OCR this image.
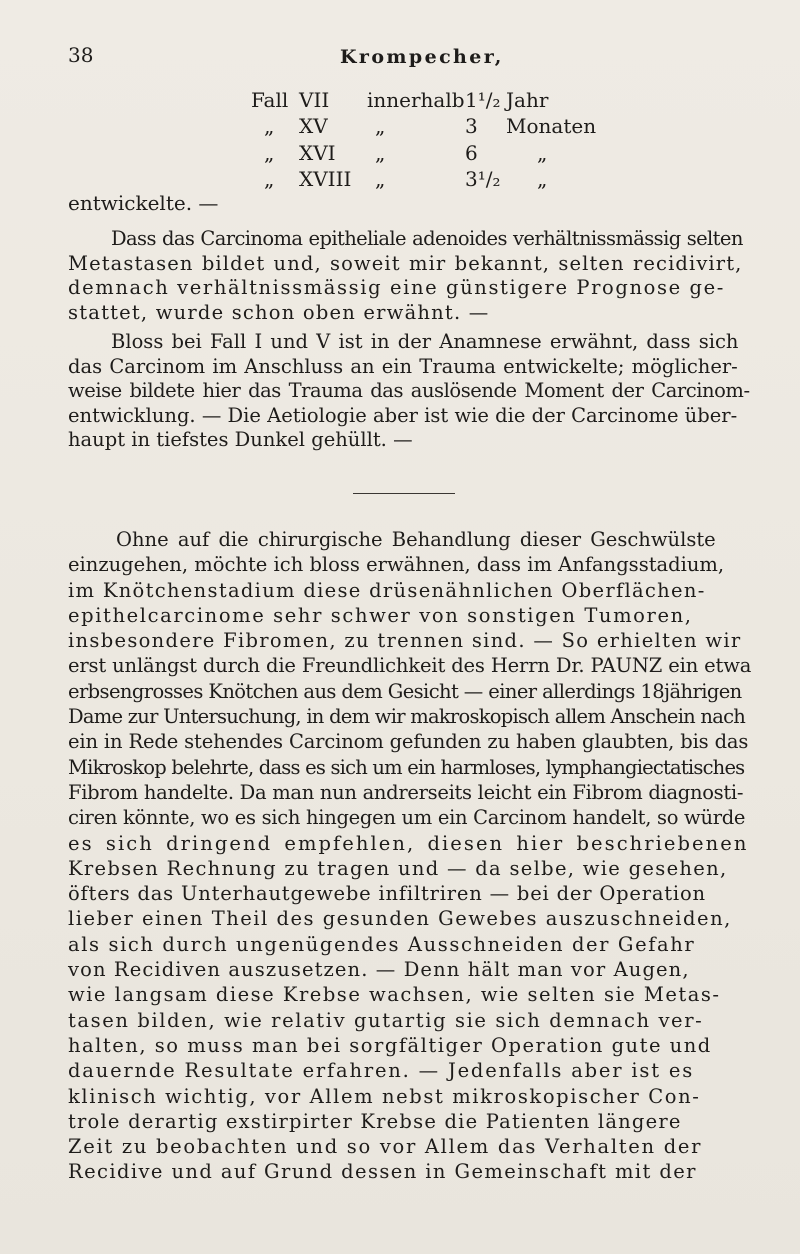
38	Krompecher,
Fall VII innerhalb 1¹/₂ Jahr
„ XV „	3 Monaten
„ XVI „	6	„
„ XVIII „	3¹/₂ „
entwickelte. —
Dass das Carcinoma epitheliale adenoides verhältnissmässig selten
Metastasen bildet und, soweit mir bekannt, selten recidivirt,
demnach verhältnissmässig eine günstigere Prognose ge-
stattet, wurde schon oben erwähnt. —
Bloss bei Fall I und V ist in der Anamnese erwähnt, dass sich
das Carcinom im Anschluss an ein Trauma entwickelte; möglicher-
weise bildete hier das Trauma das auslösende Moment der Carcinom-
entwicklung. — Die Aetiologie aber ist wie die der Carcinome über-
haupt in tiefstes Dunkel gehüllt. —
Ohne auf die chirurgische Behandlung dieser Geschwülste
einzugehen, möchte ich bloss erwähnen, dass im Anfangsstadium,
im Knötchenstadium diese drüsenähnlichen Oberflächen-
epithelcarcinome sehr schwer von sonstigen Tumoren,
insbesondere Fibromen, zu trennen sind. — So erhielten wir
erst unlängst durch die Freundlichkeit des Herrn Dr. PAUNZ ein etwa
erbsengrosses Knötchen aus dem Gesicht — einer allerdings 18jährigen
Dame zur Untersuchung, in dem wir makroskopisch allem Anschein nach
ein in Rede stehendes Carcinom gefunden zu haben glaubten, bis das
Mikroskop belehrte, dass es sich um ein harmloses, lymphangiectatisches
Fibrom handelte. Da man nun andrerseits leicht ein Fibrom diagnosti-
ciren könnte, wo es sich hingegen um ein Carcinom handelt, so würde
es sich dringend empfehlen, diesen hier beschriebenen
Krebsen Rechnung zu tragen und — da selbe, wie gesehen,
öfters das Unterhautgewebe infiltriren — bei der Operation
lieber einen Theil des gesunden Gewebes auszuschneiden,
als sich durch ungenügendes Ausschneiden der Gefahr
von Recidiven auszusetzen. — Denn hält man vor Augen,
wie langsam diese Krebse wachsen, wie selten sie Metas-
tasen bilden, wie relativ gutartig sie sich demnach ver-
halten, so muss man bei sorgfältiger Operation gute und
dauernde Resultate erfahren. — Jedenfalls aber ist es
klinisch wichtig, vor Allem nebst mikroskopischer Con-
trole derartig exstirpirter Krebse die Patienten längere
Zeit zu beobachten und so vor Allem das Verhalten der
Recidive und auf Grund dessen in Gemeinschaft mit der
